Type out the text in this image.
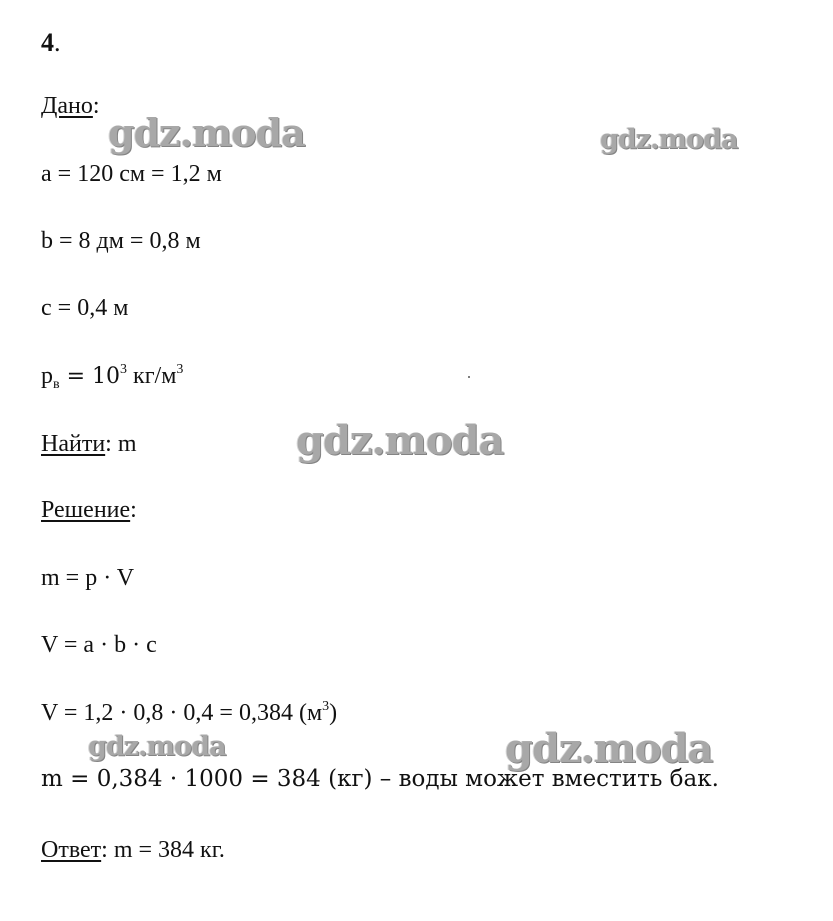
4.
Дано:
gdz.moda	gdz.moda
a = 120 см = 1,2 м
b = 8 дм = 0,8 м
c = 0,4 м
$p_в = 10^3$ $кг/м^3$
Найти: m	gdz.moda
Решение:
m = p · V
V = a · b · c
V = 1,2 · 0,8 · 0,4 = 0,384 $(м^3)$
gdz.moda	gdz.moda
m = 0,384 · 1000 = 384 (кг) – воды может вместить бак.
Ответ: m = 384 кг.
